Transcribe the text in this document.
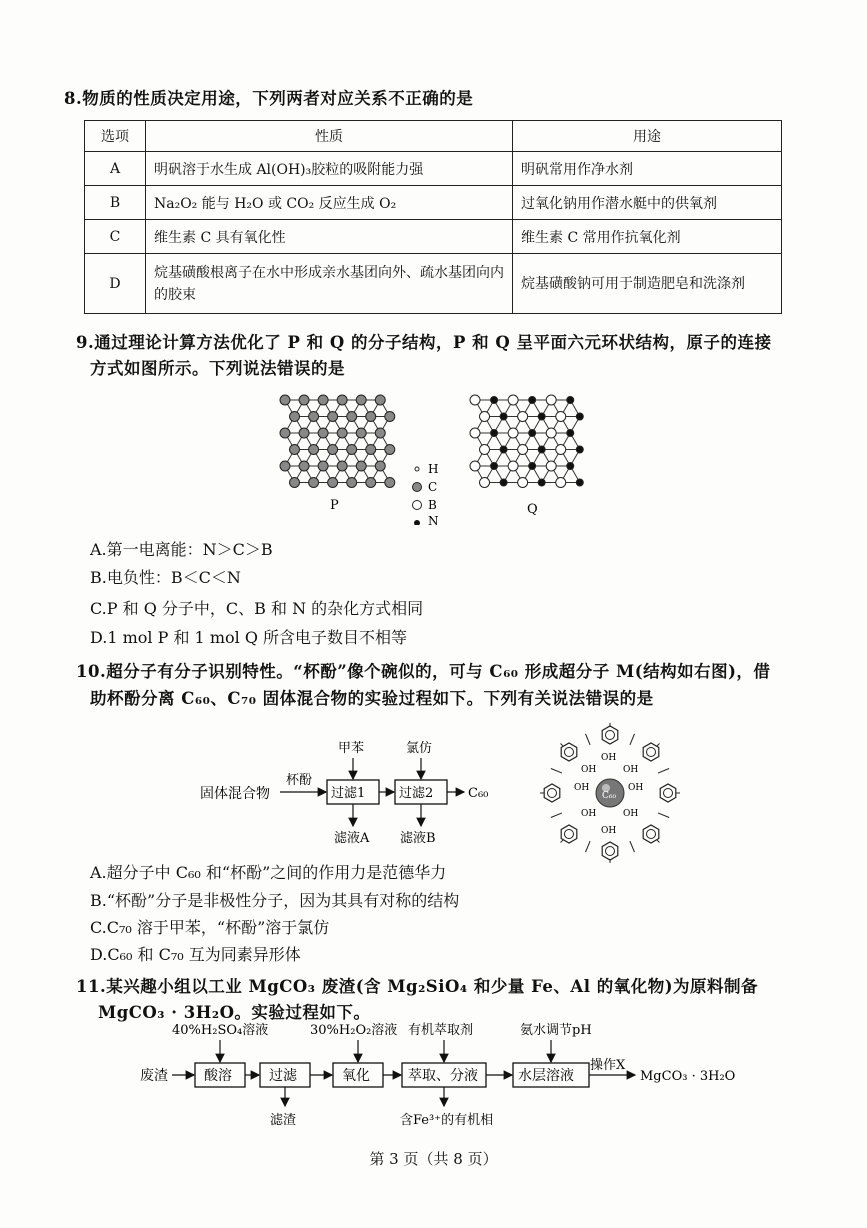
8.物质的性质决定用途，下列两者对应关系不正确的是
选项	性质	用途
A	明矾溶于水生成 Al(OH)₃胶粒的吸附能力强	明矾常用作净水剂
B	Na₂O₂ 能与 H₂O 或 CO₂ 反应生成 O₂	过氧化钠用作潜水艇中的供氧剂
C	维生素 C 具有氧化性	维生素 C 常用作抗氧化剂
D	烷基磺酸根离子在水中形成亲水基团向外、疏水基团向内的胶束	烷基磺酸钠可用于制造肥皂和洗涤剂
9.通过理论计算方法优化了 P 和 Q 的分子结构，P 和 Q 呈平面六元环状结构，原子的连接
方式如图所示。下列说法错误的是
P	Q
H
C
B
N
A.第一电离能：N＞C＞B
B.电负性：B＜C＜N
C.P 和 Q 分子中，C、B 和 N 的杂化方式相同
D.1 mol P 和 1 mol Q 所含电子数目不相等
10.超分子有分子识别特性。“杯酚”像个碗似的，可与 C₆₀ 形成超分子 M(结构如右图)，借
助杯酚分离 C₆₀、C₇₀ 固体混合物的实验过程如下。下列有关说法错误的是
固体混合物
杯酚
过滤1	过滤2	C₆₀
甲苯	氯仿
滤液A 滤液B
C₆₀
OH
OH
OH	OH
OH	OH
OH	OH
A.超分子中 C₆₀ 和“杯酚”之间的作用力是范德华力
B.“杯酚”分子是非极性分子，因为其具有对称的结构
C.C₇₀ 溶于甲苯，“杯酚”溶于氯仿
D.C₆₀ 和 C₇₀ 互为同素异形体
11.某兴趣小组以工业 MgCO₃ 废渣(含 Mg₂SiO₄ 和少量 Fe、Al 的氧化物)为原料制备
MgCO₃ · 3H₂O。实验过程如下。
废渣	酸溶	过滤	氧化	萃取、分液	水层溶液
操作X
MgCO₃ · 3H₂O
40%H₂SO₄溶液	30%H₂O₂溶液 有机萃取剂	氨水调节pH
滤渣	含Fe³⁺的有机相
第 3 页（共 8 页）
